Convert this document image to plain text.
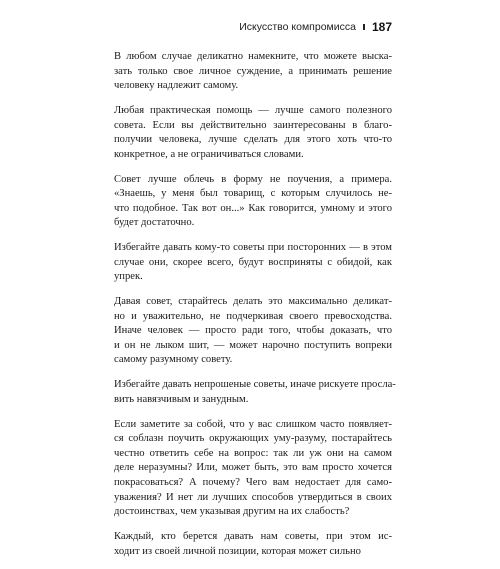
Искусство компромисса 187

В любом случае деликатно намекните, что можете выска-
зать только свое личное суждение, а принимать решение
человеку надлежит самому.

Любая практическая помощь — лучше самого полезного
совета. Если вы действительно заинтересованы в благо-
получии человека, лучше сделать для этого хоть что-то
конкретное, а не ограничиваться словами.

Совет лучше облечь в форму не поучения, а примера.
«Знаешь, у меня был товарищ, с которым случилось не-
что подобное. Так вот он...» Как говорится, умному и этого
будет достаточно.

Избегайте давать кому-то советы при посторонних — в этом
случае они, скорее всего, будут восприняты с обидой, как
упрек.

Давая совет, старайтесь делать это максимально деликат-
но и уважительно, не подчеркивая своего превосходства.
Иначе человек — просто ради того, чтобы доказать, что
и он не лыком шит, — может нарочно поступить вопреки
самому разумному совету.

Избегайте давать непрошеные советы, иначе рискуете просла-
вить навязчивым и занудным.

Если заметите за собой, что у вас слишком часто появляет-
ся соблазн поучить окружающих уму-разуму, постарайтесь
честно ответить себе на вопрос: так ли уж они на самом
деле неразумны? Или, может быть, это вам просто хочется
покрасоваться? А почему? Чего вам недостает для само-
уважения? И нет ли лучших способов утвердиться в своих
достоинствах, чем указывая другим на их слабость?

Каждый, кто берется давать нам советы, при этом ис-
ходит из своей личной позиции, которая может сильно
